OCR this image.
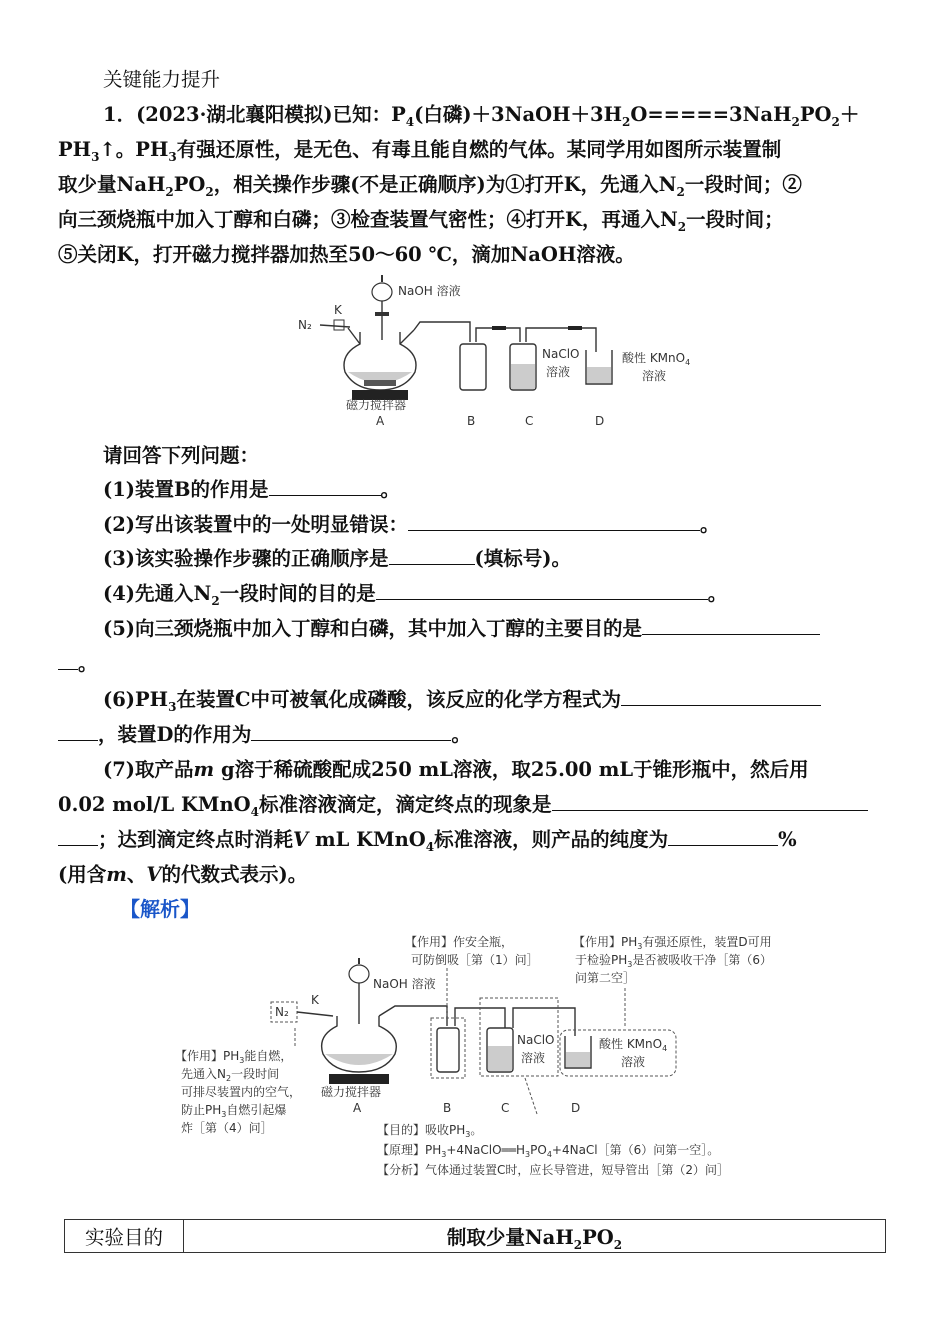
关键能力提升
1．(2023·湖北襄阳模拟)已知：$P_4$(白磷)$+3NaOH+3H_2O=====3NaH_2PO_2+$
$PH_3↑$。$PH_3$有强还原性，是无色、有毒且能自燃的气体。某同学用如图所示装置制
取少量$NaH_2PO_2$，相关操作步骤(不是正确顺序)为①打开K，先通入$N_2$一段时间；②
向三颈烧瓶中加入丁醇和白磷；③检查装置气密性；④打开K，再通入$N_2$一段时间；
⑤关闭K，打开磁力搅拌器加热至50～60 ℃，滴加NaOH溶液。
NaOH 溶液
K
N₂
NaClO
溶液
酸性 KMnO$_4$
溶液
磁力搅拌器
A	B	C	D
请回答下列问题：
(1)装置B的作用是	。
(2)写出该装置中的一处明显错误：	。
(3)该实验操作步骤的正确顺序是	(填标号)。
(4)先通入$N_2$一段时间的目的是	。
(5)向三颈烧瓶中加入丁醇和白磷，其中加入丁醇的主要目的是
。
$(6)PH_3$在装置C中可被氧化成磷酸，该反应的化学方程式为
，装置D的作用为	。
(7)取产品m g溶于稀硫酸配成250 mL溶液，取25.00 mL于锥形瓶中，然后用
0.02 mol/L KMnO$_4$标准溶液滴定，滴定终点的现象是
；达到滴定终点时消耗V mL KMnO$_4$标准溶液，则产品的纯度为	%
(用含m、V的代数式表示)。
【解析】
【作用】作安全瓶，
可防倒吸［第（1）问］
【作用】$PH_3$有强还原性，装置D可用
于检验$PH_3$是否被吸收干净［第（6）
问第二空］
【作用】$PH_3$能自燃，
先通入$N_2$一段时间
可排尽装置内的空气，
防止$PH_3$自燃引起爆
炸［第（4）问］	【目的】吸收$PH_3$。
【原理】$PH_3+4NaClO══H_3PO_4+4NaCl[$第（6）问第一空］。
【分析】气体通过装置C时，应长导管进，短导管出［第（2）问］
NaOH 溶液
N₂
K
NaClO
溶液
酸性 KMnO$_4$
溶液
磁力搅拌器
A	B	C	D
实验目的	制取少量$NaH_2PO_2$
